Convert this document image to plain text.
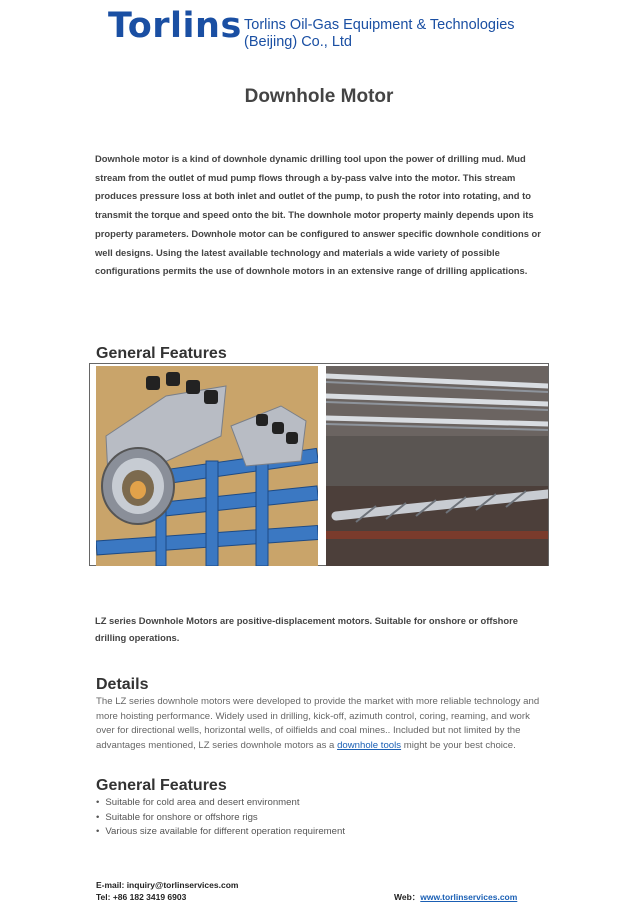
Torlins Torlins Oil-Gas Equipment & Technologies
(Beijing) Co., Ltd
Downhole Motor
Downhole motor is a kind of downhole dynamic drilling tool upon the power of drilling mud. Mud stream from the outlet of mud pump flows through a by-pass valve into the motor. This stream produces pressure loss at both inlet and outlet of the pump, to push the rotor into rotating, and to transmit the torque and speed onto the bit. The downhole motor property mainly depends upon its property parameters. Downhole motor can be configured to answer specific downhole conditions or well designs. Using the latest available technology and materials a wide variety of possible configurations permits the use of downhole motors in an extensive range of drilling applications.
General Features
LZ series Downhole Motors are positive-displacement motors. Suitable for onshore or offshore drilling operations.
Details
The LZ series downhole motors were developed to provide the market with more reliable technology and more hoisting performance. Widely used in drilling, kick-off, azimuth control, coring, reaming, and work over for directional wells, horizontal wells, of oilfields and coal mines.. Included but not limited by the advantages mentioned, LZ series downhole motors as a downhole tools might be your best choice.
General Features
• Suitable for cold area and desert environment
• Suitable for onshore or offshore rigs
• Various size available for different operation requirement
E-mail: inquiry@torlinservices.com
Tel: +86 182 3419 6903	Web：www.torlinservices.com
